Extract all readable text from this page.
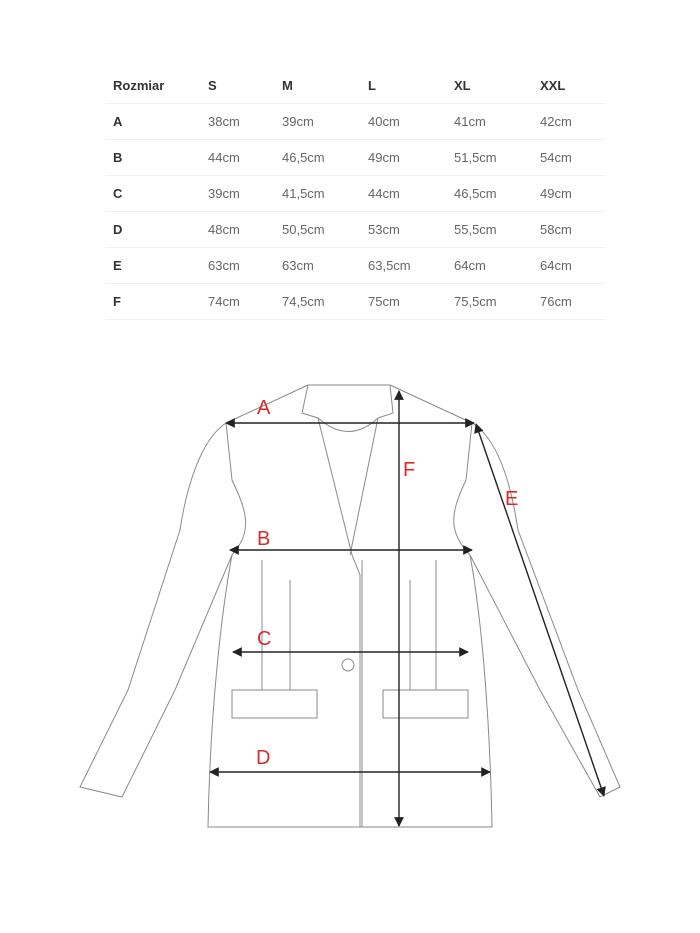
Rozmiar	S	M	L	XL	XXL
A	38cm	39cm	40cm	41cm	42cm
B	44cm	46,5cm	49cm	51,5cm	54cm
C	39cm	41,5cm	44cm	46,5cm	49cm
D	48cm	50,5cm	53cm	55,5cm	58cm
E	63cm	63cm	63,5cm	64cm	64cm
F	74cm	74,5cm	75cm	75,5cm	76cm
A
B
C
D
E
F
